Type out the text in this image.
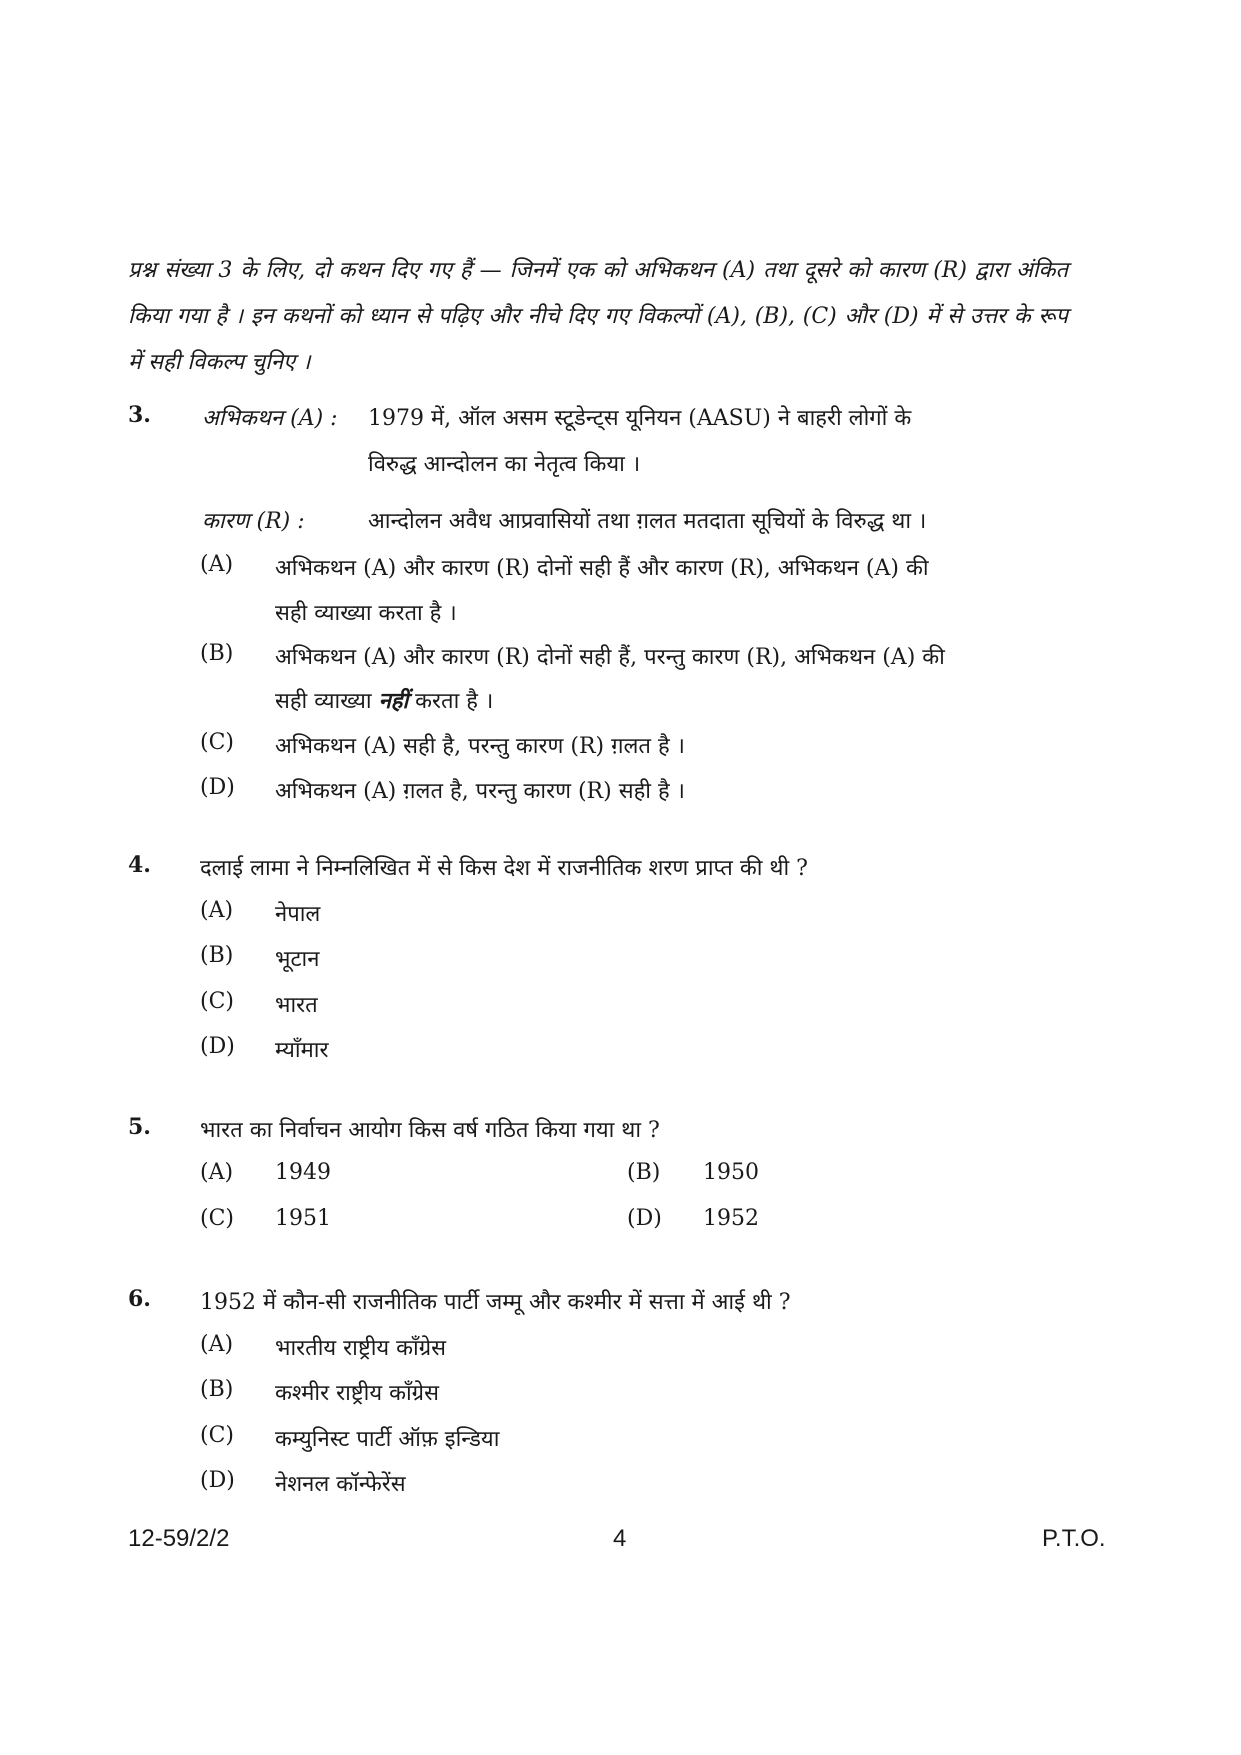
प्रश्न संख्या 3 के लिए, दो कथन दिए गए हैं — जिनमें एक को अभिकथन (A) तथा दूसरे को कारण (R) द्वारा अंकित किया गया है । इन कथनों को ध्यान से पढ़िए और नीचे दिए गए विकल्पों (A), (B), (C) और (D) में से उत्तर के रूप में सही विकल्प चुनिए ।
3. अभिकथन (A) : 1979 में, ऑल असम स्टूडेन्ट्स यूनियन (AASU) ने बाहरी लोगों के
विरुद्ध आन्दोलन का नेतृत्व किया ।
कारण (R) :	आन्दोलन अवैध आप्रवासियों तथा ग़लत मतदाता सूचियों के विरुद्ध था ।
(A) अभिकथन (A) और कारण (R) दोनों सही हैं और कारण (R), अभिकथन (A) की
सही व्याख्या करता है ।
(B) अभिकथन (A) और कारण (R) दोनों सही हैं, परन्तु कारण (R), अभिकथन (A) की
सही व्याख्या नहीं करता है ।
(C) अभिकथन (A) सही है, परन्तु कारण (R) ग़लत है ।
(D) अभिकथन (A) ग़लत है, परन्तु कारण (R) सही है ।
4. दलाई लामा ने निम्नलिखित में से किस देश में राजनीतिक शरण प्राप्त की थी ?
(A) नेपाल
(B) भूटान
(C) भारत
(D) म्याँमार
5. भारत का निर्वाचन आयोग किस वर्ष गठित किया गया था ?
(A) 1949	(B) 1950
(C) 1951	(D) 1952
6. 1952 में कौन-सी राजनीतिक पार्टी जम्मू और कश्मीर में सत्ता में आई थी ?
(A) भारतीय राष्ट्रीय काँग्रेस
(B) कश्मीर राष्ट्रीय काँग्रेस
(C) कम्युनिस्ट पार्टी ऑफ़ इन्डिया
(D) नेशनल कॉन्फेरेंस
12-59/2/2	4	P.T.O.
